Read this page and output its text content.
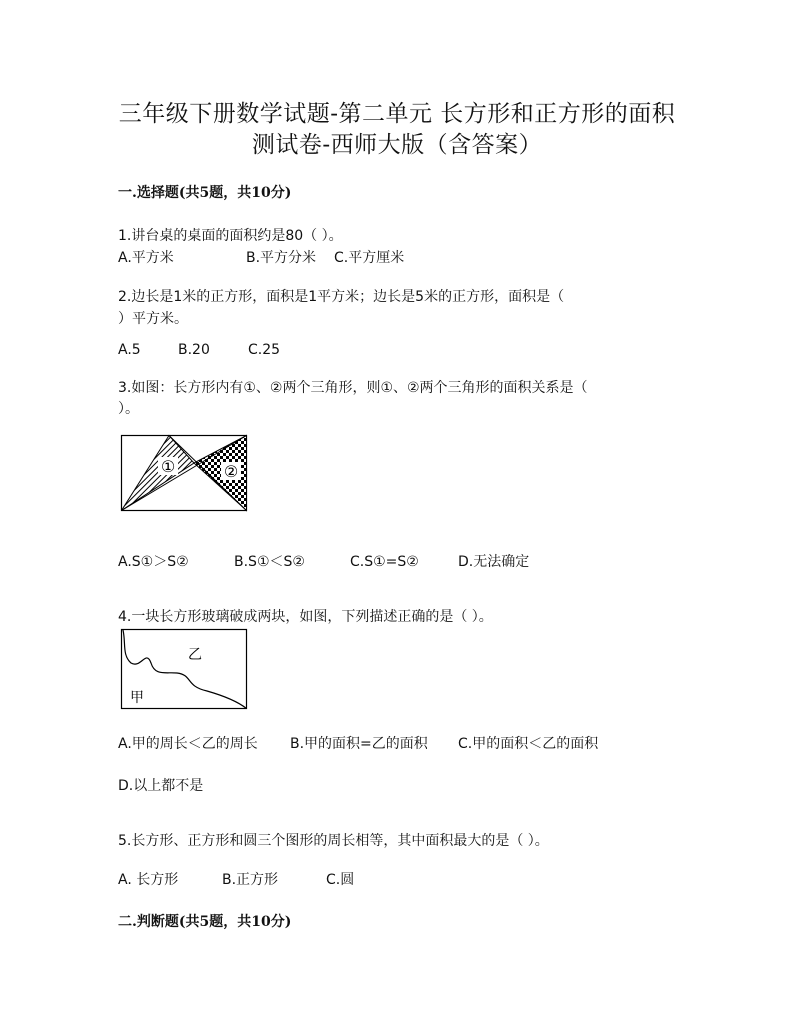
三年级下册数学试题-第二单元 长方形和正方形的面积
测试卷-西师大版（含答案）
一.选择题(共5题，共10分)
1.讲台桌的桌面的面积约是80（ ）。
A.平方米	B.平方分米 C.平方厘米
2.边长是1米的正方形，面积是1平方米；边长是5米的正方形，面积是（
）平方米。
A.5	B.20	C.25
3.如图：长方形内有①、②两个三角形，则①、②两个三角形的面积关系是（
）。
①	②
A.S①＞S②	B.S①＜S②	C.S①=S②	D.无法确定
4.一块长方形玻璃破成两块，如图，下列描述正确的是（ ）。
乙
甲
A.甲的周长＜乙的周长 B.甲的面积=乙的面积 C.甲的面积＜乙的面积
D.以上都不是
5.长方形、正方形和圆三个图形的周长相等，其中面积最大的是（ ）。
A. 长方形	B.正方形	C.圆
二.判断题(共5题，共10分)
